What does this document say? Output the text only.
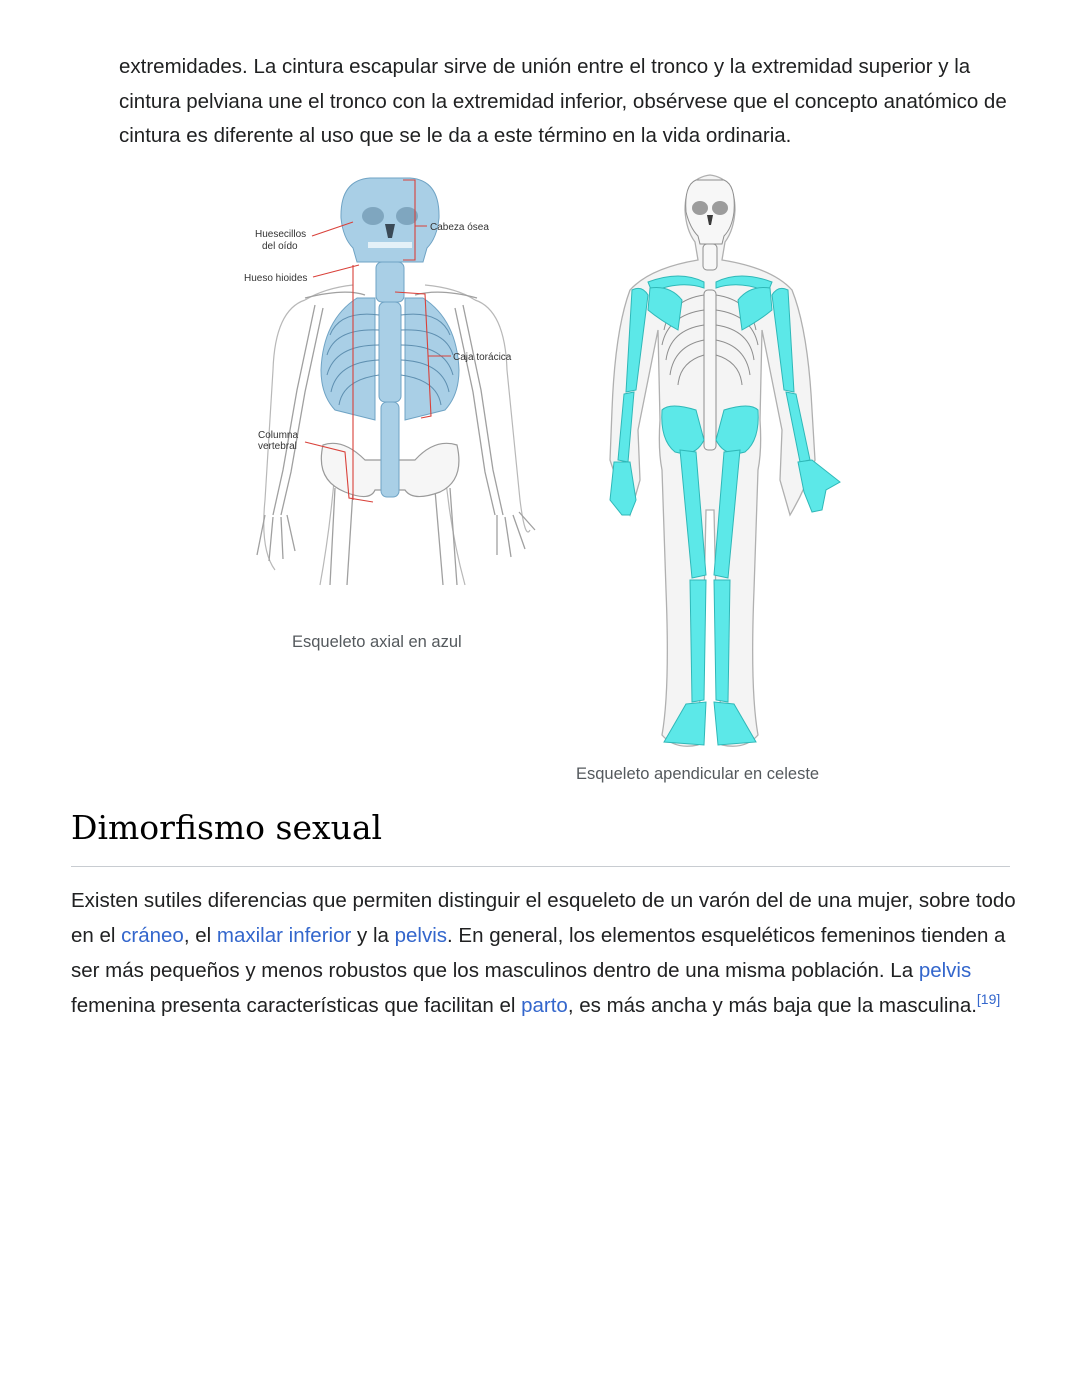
extremidades. La cintura escapular sirve de unión entre el tronco y la extremidad superior y la cintura pelviana une el tronco con la extremidad inferior, obsérvese que el concepto anatómico de cintura es diferente al uso que se le da a este término en la vida ordinaria.

Huesecillos
del oído
Hueso hioides
Cabeza ósea
Caja torácica
Columna
vertebral
Esqueleto axial en azul
Esqueleto apendicular en celeste
Dimorfismo sexual

Existen sutiles diferencias que permiten distinguir el esqueleto de un varón del de una mujer, sobre todo en el cráneo, el maxilar inferior y la pelvis. En general, los elementos esqueléticos femeninos tienden a ser más pequeños y menos robustos que los masculinos dentro de una misma población. La pelvis femenina presenta características que facilitan el parto, es más ancha y más baja que la masculina.[19]
